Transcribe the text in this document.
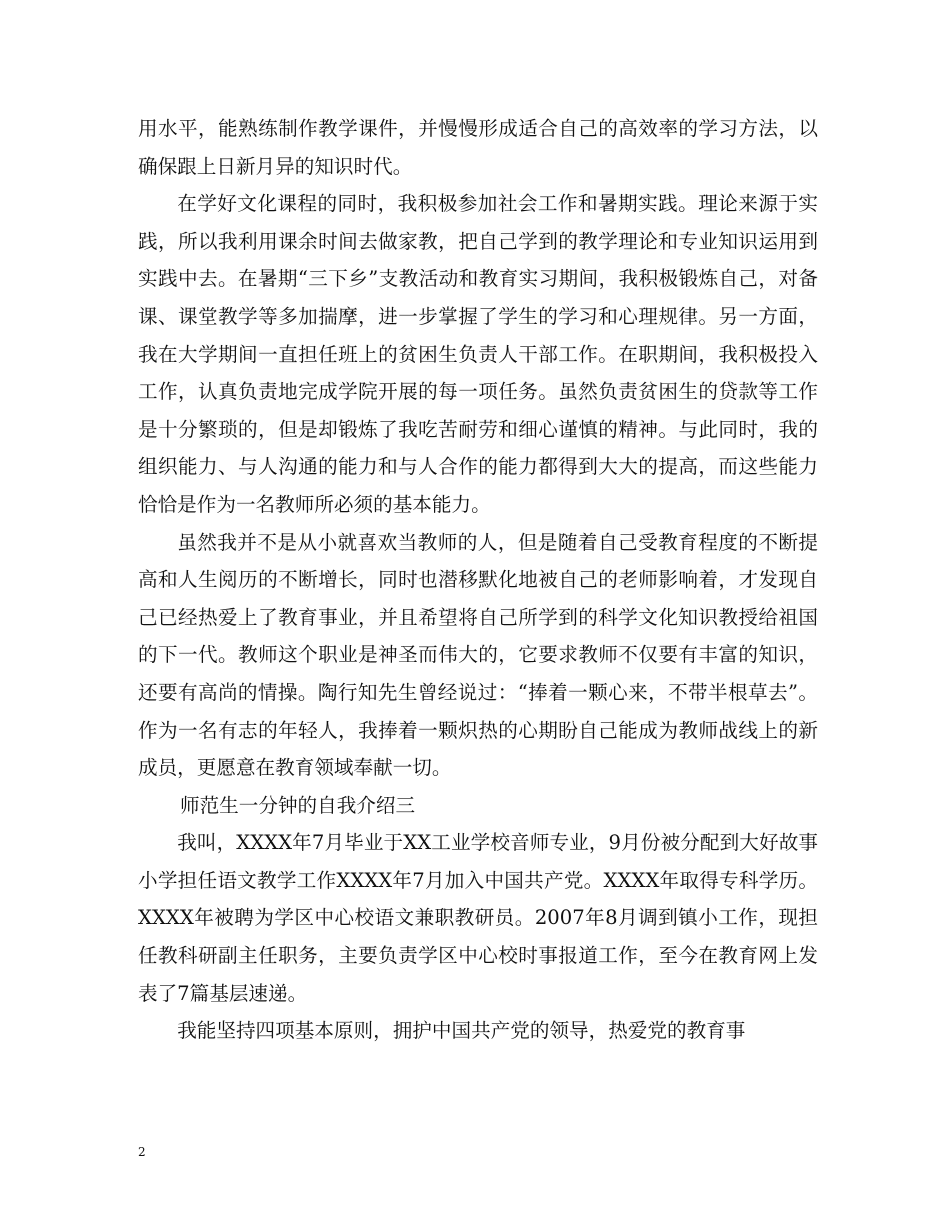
用水平，能熟练制作教学课件，并慢慢形成适合自己的高效率的学习方法，以确保跟上日新月异的知识时代。

在学好文化课程的同时，我积极参加社会工作和暑期实践。理论来源于实践，所以我利用课余时间去做家教，把自己学到的教学理论和专业知识运用到实践中去。在暑期“三下乡”支教活动和教育实习期间，我积极锻炼自己，对备课、课堂教学等多加揣摩，进一步掌握了学生的学习和心理规律。另一方面，我在大学期间一直担任班上的贫困生负责人干部工作。在职期间，我积极投入工作，认真负责地完成学院开展的每一项任务。虽然负责贫困生的贷款等工作是十分繁琐的，但是却锻炼了我吃苦耐劳和细心谨慎的精神。与此同时，我的组织能力、与人沟通的能力和与人合作的能力都得到大大的提高，而这些能力恰恰是作为一名教师所必须的基本能力。

虽然我并不是从小就喜欢当教师的人，但是随着自己受教育程度的不断提高和人生阅历的不断增长，同时也潜移默化地被自己的老师影响着，才发现自己已经热爱上了教育事业，并且希望将自己所学到的科学文化知识教授给祖国的下一代。教师这个职业是神圣而伟大的，它要求教师不仅要有丰富的知识，还要有高尚的情操。陶行知先生曾经说过：“捧着一颗心来，不带半根草去”。作为一名有志的年轻人，我捧着一颗炽热的心期盼自己能成为教师战线上的新成员，更愿意在教育领域奉献一切。

师范生一分钟的自我介绍三

我叫，XXXX年7月毕业于XX工业学校音师专业，9月份被分配到大好故事小学担任语文教学工作XXXX年7月加入中国共产党。XXXX年取得专科学历。XXXX年被聘为学区中心校语文兼职教研员。2007年8月调到镇小工作，现担任教科研副主任职务，主要负责学区中心校时事报道工作，至今在教育网上发表了7篇基层速递。

我能坚持四项基本原则，拥护中国共产党的领导，热爱党的教育事

2
